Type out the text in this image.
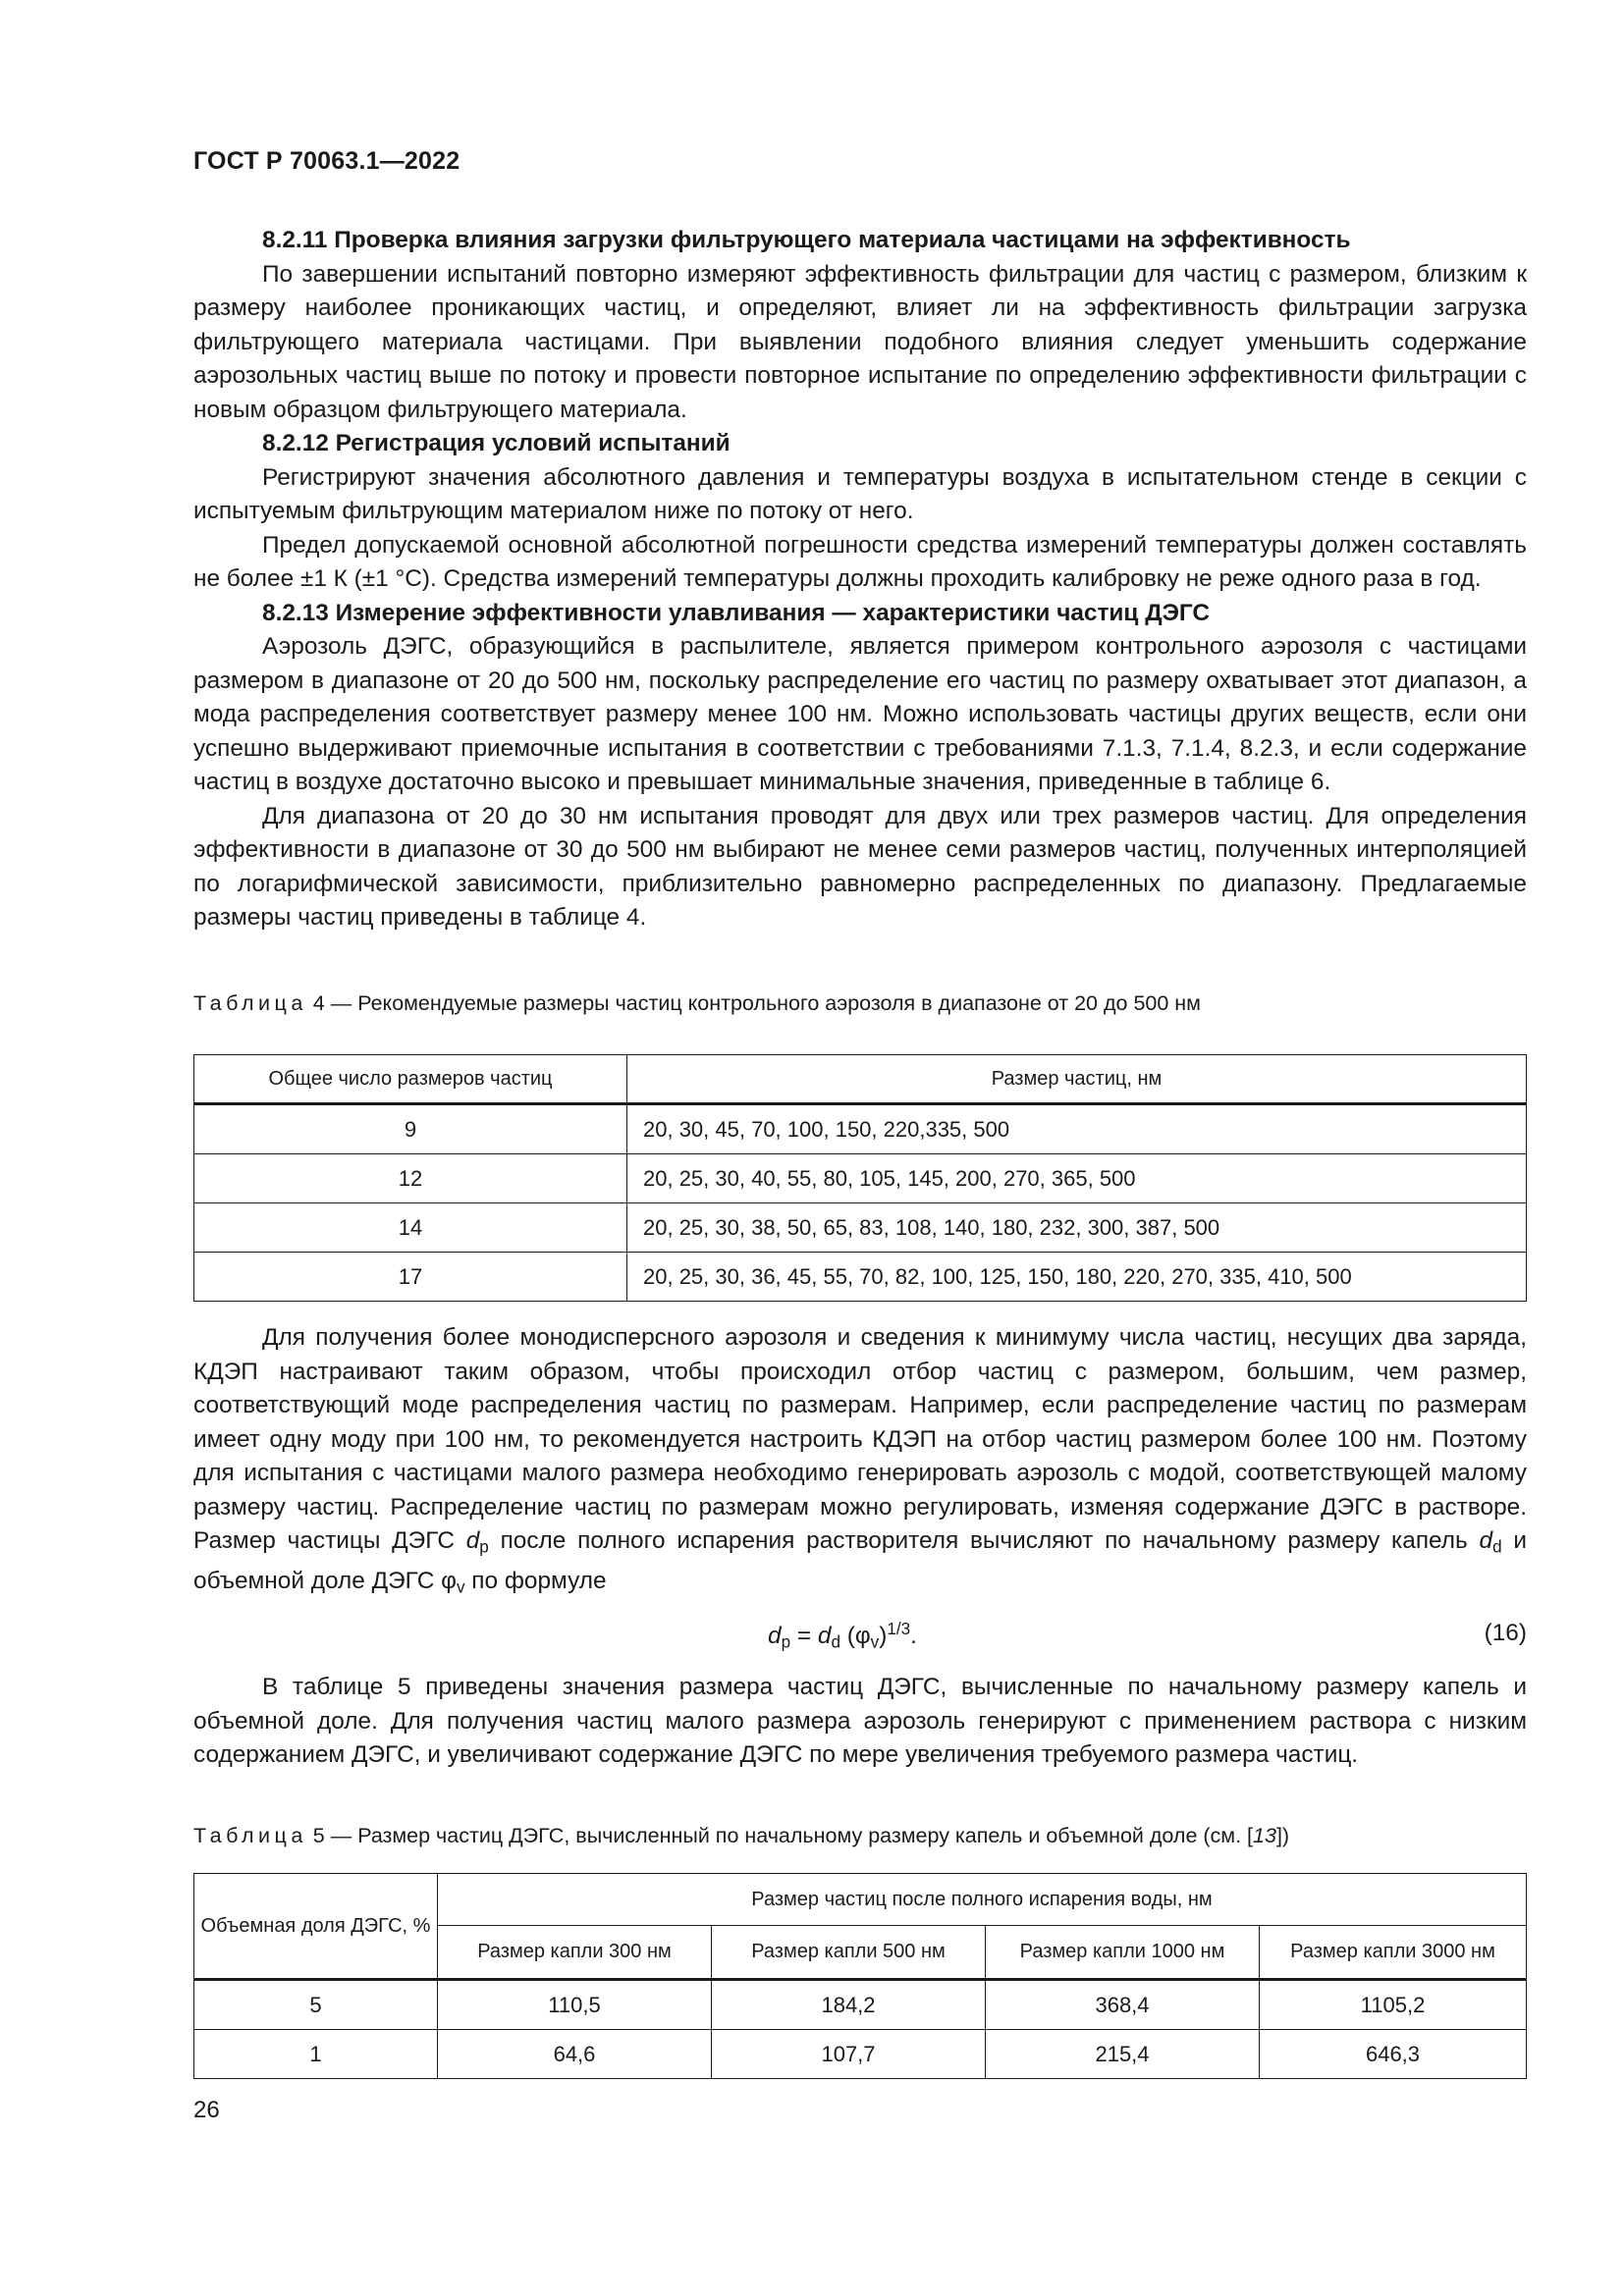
ГОСТ Р 70063.1—2022

8.2.11 Проверка влияния загрузки фильтрующего материала частицами на эффективность

По завершении испытаний повторно измеряют эффективность фильтрации для частиц с размером, близким к размеру наиболее проникающих частиц, и определяют, влияет ли на эффективность фильтрации загрузка фильтрующего материала частицами. При выявлении подобного влияния следует уменьшить содержание аэрозольных частиц выше по потоку и провести повторное испытание по определению эффективности фильтрации с новым образцом фильтрующего материала.

8.2.12 Регистрация условий испытаний

Регистрируют значения абсолютного давления и температуры воздуха в испытательном стенде в секции с испытуемым фильтрующим материалом ниже по потоку от него.

Предел допускаемой основной абсолютной погрешности средства измерений температуры должен составлять не более ±1 К (±1 °С). Средства измерений температуры должны проходить калибровку не реже одного раза в год.

8.2.13 Измерение эффективности улавливания — характеристики частиц ДЭГС

Аэрозоль ДЭГС, образующийся в распылителе, является примером контрольного аэрозоля с частицами размером в диапазоне от 20 до 500 нм, поскольку распределение его частиц по размеру охватывает этот диапазон, а мода распределения соответствует размеру менее 100 нм. Можно использовать частицы других веществ, если они успешно выдерживают приемочные испытания в соответствии с требованиями 7.1.3, 7.1.4, 8.2.3, и если содержание частиц в воздухе достаточно высоко и превышает минимальные значения, приведенные в таблице 6.

Для диапазона от 20 до 30 нм испытания проводят для двух или трех размеров частиц. Для определения эффективности в диапазоне от 30 до 500 нм выбирают не менее семи размеров частиц, полученных интерполяцией по логарифмической зависимости, приблизительно равномерно распределенных по диапазону. Предлагаемые размеры частиц приведены в таблице 4.

Таблица 4 — Рекомендуемые размеры частиц контрольного аэрозоля в диапазоне от 20 до 500 нм
Общее число размеров частиц	Размер частиц, нм
9	20, 30, 45, 70, 100, 150, 220,335, 500
12	20, 25, 30, 40, 55, 80, 105, 145, 200, 270, 365, 500
14	20, 25, 30, 38, 50, 65, 83, 108, 140, 180, 232, 300, 387, 500
17	20, 25, 30, 36, 45, 55, 70, 82, 100, 125, 150, 180, 220, 270, 335, 410, 500

Для получения более монодисперсного аэрозоля и сведения к минимуму числа частиц, несущих два заряда, КДЭП настраивают таким образом, чтобы происходил отбор частиц с размером, большим, чем размер, соответствующий моде распределения частиц по размерам. Например, если распределение частиц по размерам имеет одну моду при 100 нм, то рекомендуется настроить КДЭП на отбор частиц размером более 100 нм. Поэтому для испытания с частицами малого размера необходимо генерировать аэрозоль с модой, соответствующей малому размеру частиц. Распределение частиц по размерам можно регулировать, изменяя содержание ДЭГС в растворе. Размер частицы ДЭГС $d_p$ после полного испарения растворителя вычисляют по начальному размеру капель $d_d$ и объемной доле ДЭГС $\varphi_v$ по формуле

$d_p = d_d$ $(\varphi_v)^{1/3}$.	(16)

В таблице 5 приведены значения размера частиц ДЭГС, вычисленные по начальному размеру капель и объемной доле. Для получения частиц малого размера аэрозоль генерируют с применением раствора с низким содержанием ДЭГС, и увеличивают содержание ДЭГС по мере увеличения требуемого размера частиц.

Таблица 5 — Размер частиц ДЭГС, вычисленный по начальному размеру капель и объемной доле (см. [13])
Объемная доля ДЭГС, %	Размер частиц после полного испарения воды, нм			
	Размер капли 300 нм	Размер капли 500 нм	Размер капли 1000 нм	Размер капли 3000 нм
5	110,5	184,2	368,4	1105,2
1	64,6	107,7	215,4	646,3
26
